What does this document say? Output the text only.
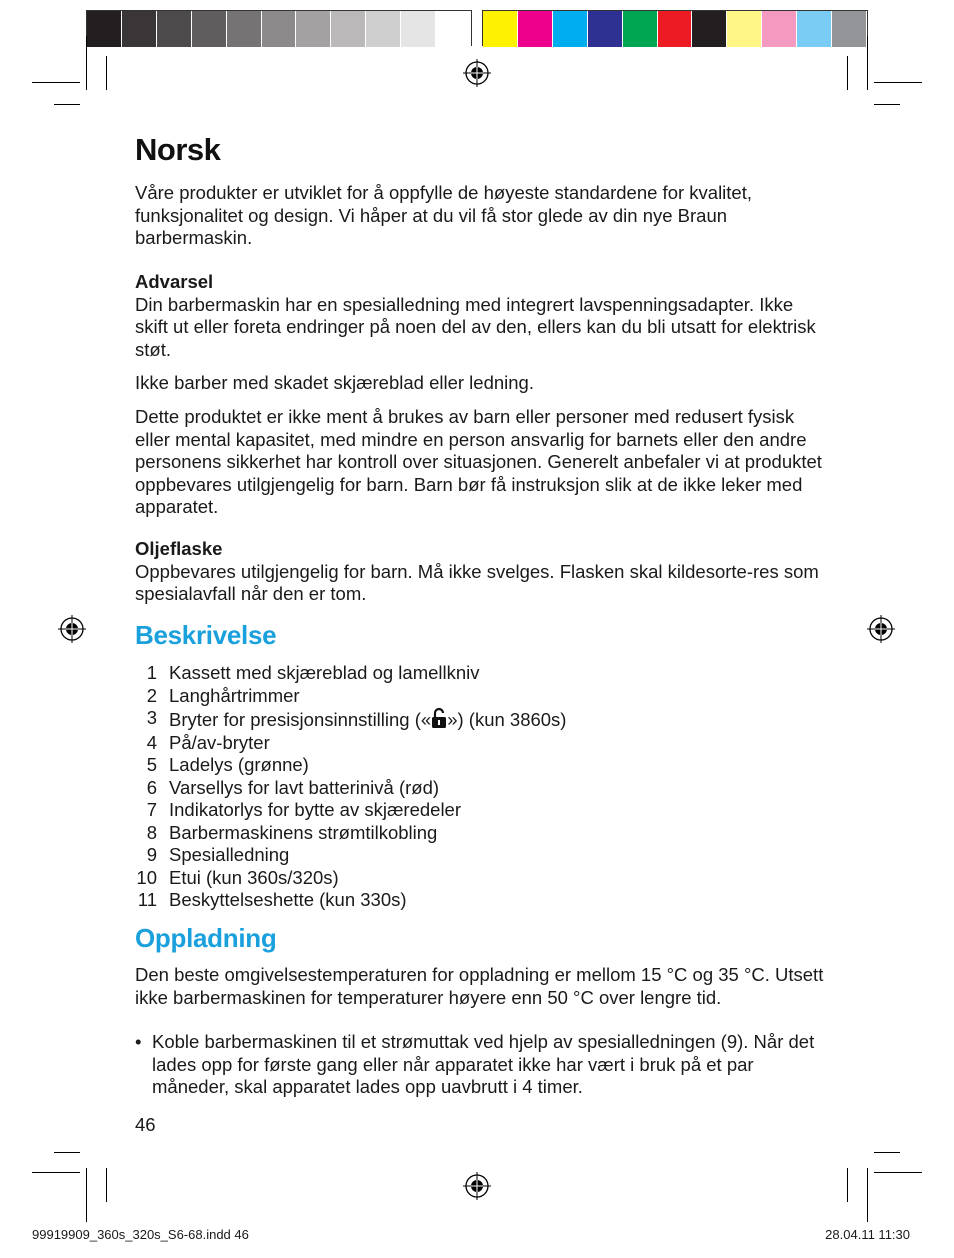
Norsk

Våre produkter er utviklet for å oppfylle de høyeste standardene for kvalitet, funksjonalitet og design. Vi håper at du vil få stor glede av din nye Braun barbermaskin.

Advarsel
Din barbermaskin har en spesialledning med integrert lavspenningsadapter. Ikke skift ut eller foreta endringer på noen del av den, ellers kan du bli utsatt for elektrisk støt.

Ikke barber med skadet skjæreblad eller ledning.

Dette produktet er ikke ment å brukes av barn eller personer med redusert fysisk eller mental kapasitet, med mindre en person ansvarlig for barnets eller den andre personens sikkerhet har kontroll over situasjonen. Generelt anbefaler vi at produktet oppbevares utilgjengelig for barn. Barn bør få instruksjon slik at de ikke leker med apparatet.

Oljeflaske
Oppbevares utilgjengelig for barn. Må ikke svelges. Flasken skal kildesorte-res som spesialavfall når den er tom.

Beskrivelse
1 Kassett med skjæreblad og lamellkniv
2 Langhårtrimmer
3 Bryter for presisjonsinnstilling (« ») (kun 3860s)
4 På/av-bryter
5 Ladelys (grønne)
6 Varsellys for lavt batterinivå (rød)
7 Indikatorlys for bytte av skjæredeler
8 Barbermaskinens strømtilkobling
9 Spesialledning
10 Etui (kun 360s/320s)
11 Beskyttelseshette (kun 330s)
Oppladning

Den beste omgivelsestemperaturen for oppladning er mellom 15 °C og 35 °C. Utsett ikke barbermaskinen for temperaturer høyere enn 50 °C over lengre tid.

• Koble barbermaskinen til et strømuttak ved hjelp av spesialledningen (9). Når det lades opp for første gang eller når apparatet ikke har vært i bruk på et par måneder, skal apparatet lades opp uavbrutt i 4 timer.
46
99919909_360s_320s_S6-68.indd 46	28.04.11 11:30
